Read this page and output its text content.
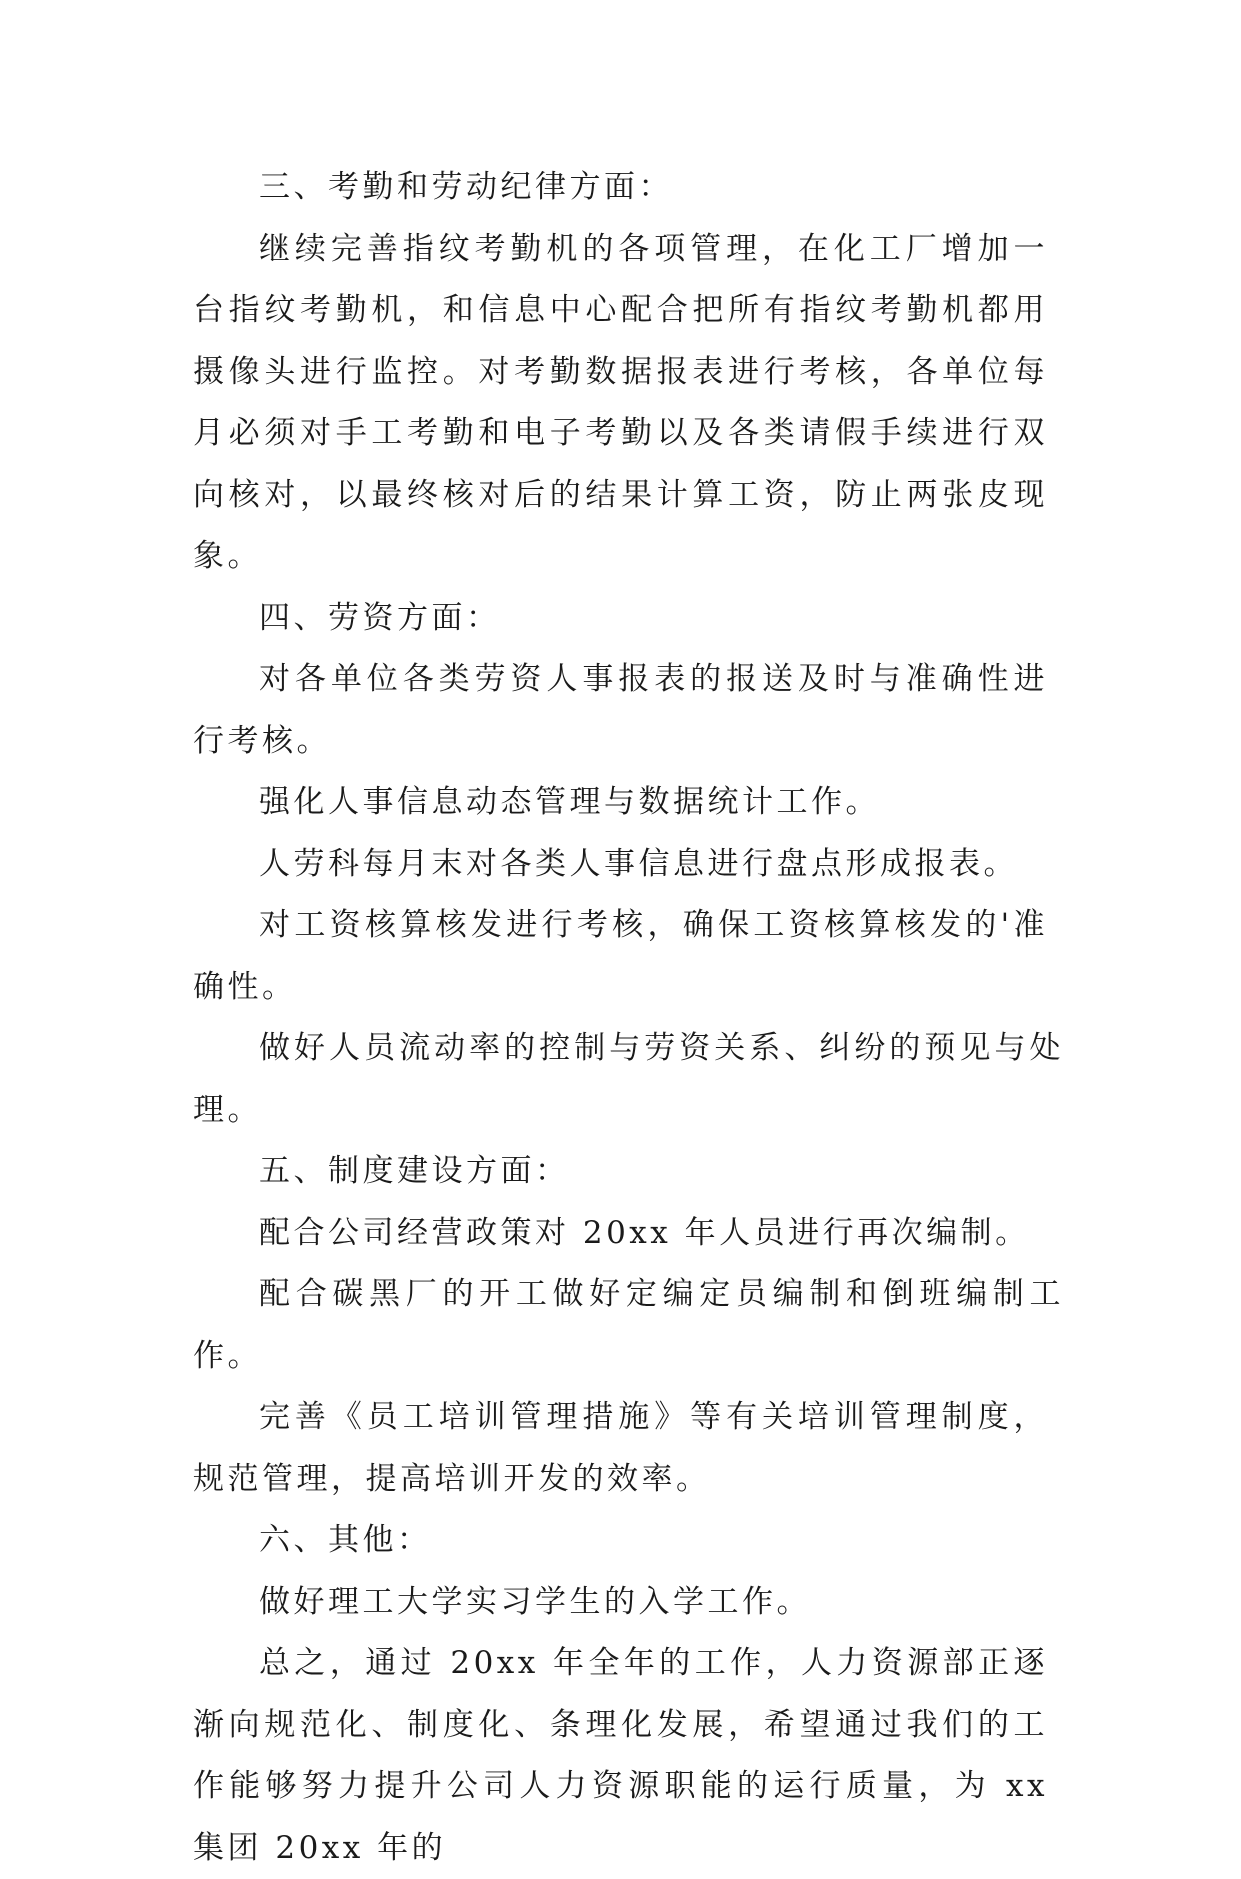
三、考勤和劳动纪律方面：

继续完善指纹考勤机的各项管理，在化工厂增加一台指纹考勤机，和信息中心配合把所有指纹考勤机都用摄像头进行监控。对考勤数据报表进行考核，各单位每月必须对手工考勤和电子考勤以及各类请假手续进行双向核对，以最终核对后的结果计算工资，防止两张皮现象。

四、劳资方面：

对各单位各类劳资人事报表的报送及时与准确性进行考核。

强化人事信息动态管理与数据统计工作。

人劳科每月末对各类人事信息进行盘点形成报表。

对工资核算核发进行考核，确保工资核算核发的'准确性。

做好人员流动率的控制与劳资关系、纠纷的预见与处理。

五、制度建设方面：

配合公司经营政策对 20xx 年人员进行再次编制。

配合碳黑厂的开工做好定编定员编制和倒班编制工作。

完善《员工培训管理措施》等有关培训管理制度，规范管理，提高培训开发的效率。

六、其他：

做好理工大学实习学生的入学工作。

总之，通过 20xx 年全年的工作，人力资源部正逐渐向规范化、制度化、条理化发展，希望通过我们的工作能够努力提升公司人力资源职能的运行质量，为 xx 集团 20xx 年的
